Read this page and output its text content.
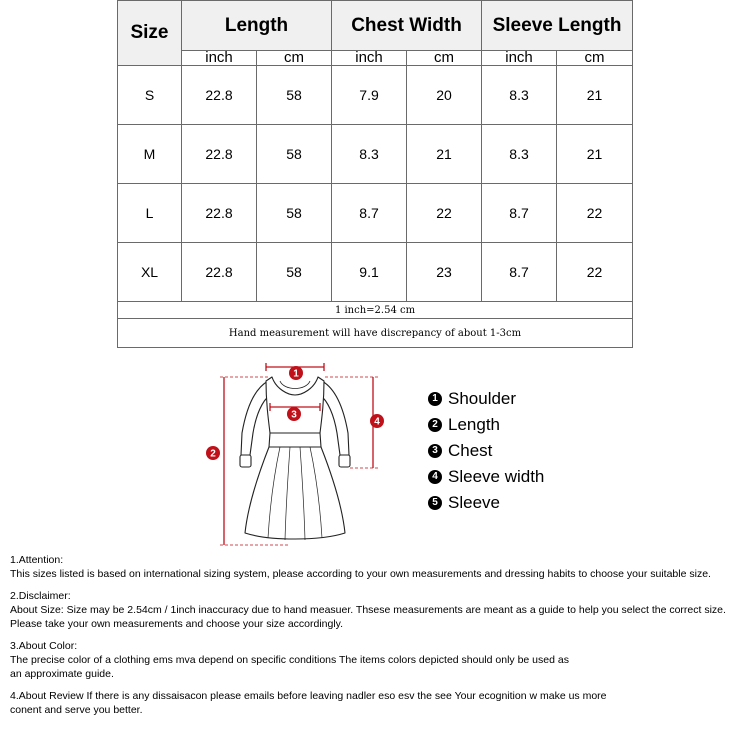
Size	Length		Chest Width		Sleeve Length	
	inch	cm	inch	cm	inch	cm
S	22.8	58	7.9	20	8.3	21
M	22.8	58	8.3	21	8.3	21
L	22.8	58	8.7	22	8.7	22
XL	22.8	58	9.1	23	8.7	22
1 inch=2.54 cm						
Hand measurement will have discrepancy of about 1-3cm						
1
2
3
4
1 Shoulder
2 Length
3 Chest
4 Sleeve width
5 Sleeve

1.Attention:

This sizes listed is based on international sizing system, please according to your own measurements and dressing habits to choose your suitable size.

2.Disclaimer:

About Size: Size may be 2.54cm / 1inch inaccuracy due to hand measuer. Thsese measurements are meant as a guide to help you select the correct size.

Please take your own measurements and choose your size accordingly.

3.About Color:

The precise color of a clothing ems mva depend on specific conditions The items colors depicted should only be used as

an approximate guide.

4.About Review If there is any dissaisacon please emails before leaving nadler eso esv the see Your ecognition w make us more

conent and serve you better.
